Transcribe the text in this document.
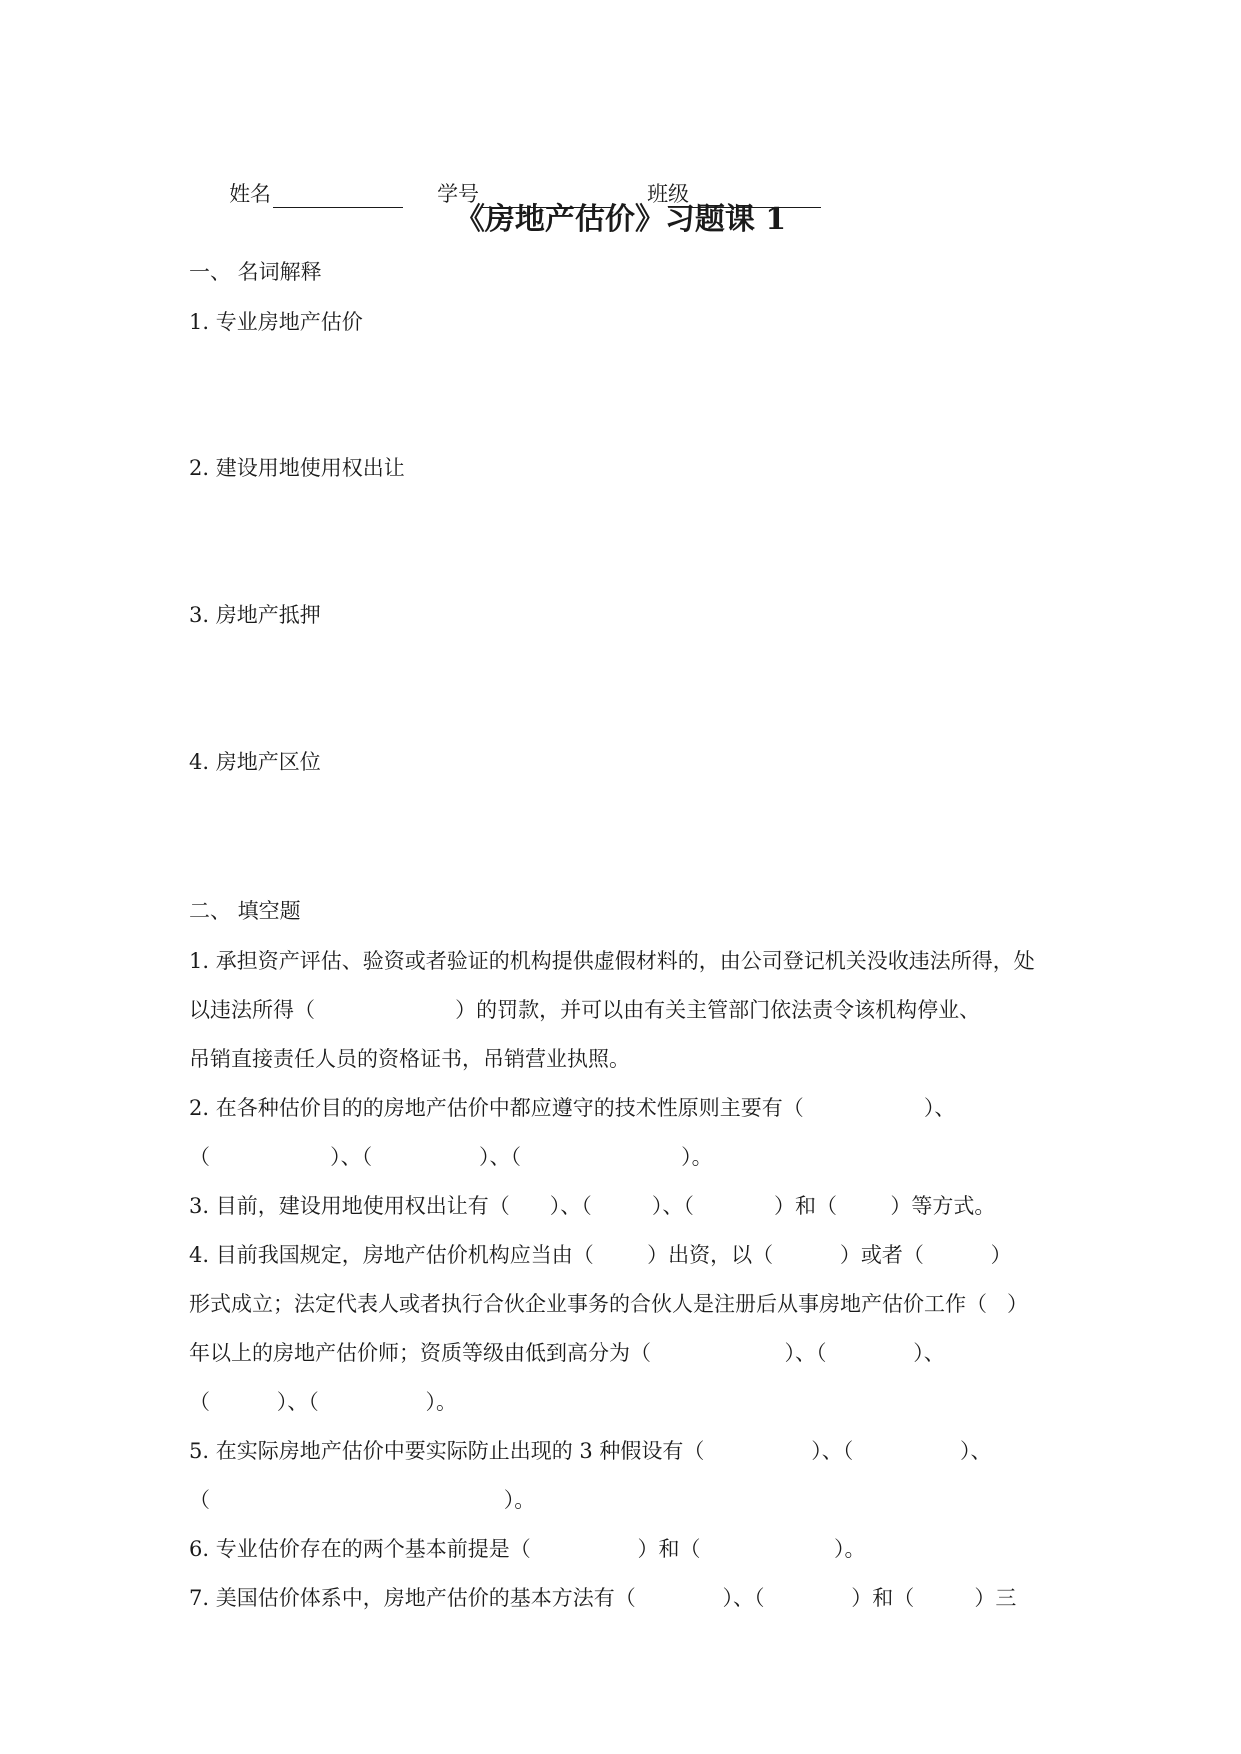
姓名
	学号
	班级

《房地产估价》习题课 1
一、 名词解释
1. 专业房地产估价
2. 建设用地使用权出让
3. 房地产抵押
4. 房地产区位
二、 填空题
1. 承担资产评估、验资或者验证的机构提供虚假材料的，由公司登记机关没收违法所得，处
以违法所得（                     ）的罚款，并可以由有关主管部门依法责令该机构停业、
吊销直接责任人员的资格证书，吊销营业执照。
2. 在各种估价目的的房地产估价中都应遵守的技术性原则主要有（                  ）、
（                  ）、（                ）、（                        ）。
3. 目前，建设用地使用权出让有（      ）、（         ）、（            ）和（        ）等方式。
4. 目前我国规定，房地产估价机构应当由（        ）出资，以（          ）或者（          ）
形式成立；法定代表人或者执行合伙企业事务的合伙人是注册后从事房地产估价工作（   ）
年以上的房地产估价师；资质等级由低到高分为（                    ）、（             ）、
（          ）、（                ）。
5. 在实际房地产估价中要实际防止出现的 3 种假设有（                ）、（                ）、
（                                            ）。
6. 专业估价存在的两个基本前提是（                ）和（                    ）。
7. 美国估价体系中，房地产估价的基本方法有（             ）、（             ）和（         ）三
